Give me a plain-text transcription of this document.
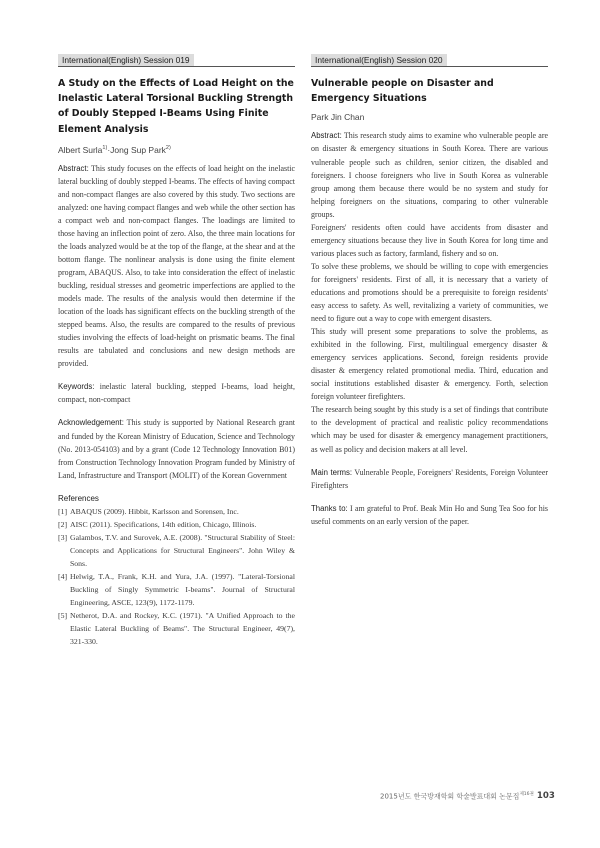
International(English) Session 019
A Study on the Effects of Load Height on the Inelastic Lateral Torsional Buckling Strength of Doubly Stepped I-Beams Using Finite Element Analysis
Albert Surla$^{1)}$·Jong Sup Park$^{2)}$

Abstract: This study focuses on the effects of load height on the inelastic lateral buckling of doubly stepped I-beams. The effects of having compact and non-compact flanges are also covered by this study. Two sections are analyzed: one having compact flanges and web while the other section has a compact web and non-compact flanges. The loadings are limited to those having an inflection point of zero. Also, the three main locations for the loads analyzed would be at the top of the flange, at the shear and at the bottom flange. The nonlinear analysis is done using the finite element program, ABAQUS. Also, to take into consideration the effect of inelastic buckling, residual stresses and geometric imperfections are applied to the models made. The results of the analysis would then determine if the location of the loads has significant effects on the buckling strength of the stepped beams. Also, the results are compared to the results of previous studies involving the effects of load-height on prismatic beams. The final results are tabulated and conclusions and new design methods are provided.

Keywords: inelastic lateral buckling, stepped I-beams, load height, compact, non-compact

Acknowledgement: This study is supported by National Research grant and funded by the Korean Ministry of Education, Science and Technology (No. 2013-054103) and by a grant (Code 12 Technology Innovation B01) from Construction Technology Innovation Program funded by Ministry of Land, Infrastructure and Transport (MOLIT) of the Korean Government

References
[1] ABAQUS (2009). Hibbit, Karlsson and Sorensen, Inc.
[2] AISC (2011). Specifications, 14th edition, Chicago, Illinois.
[3] Galambos, T.V. and Surovek, A.E. (2008). "Structural Stability of Steel: Concepts and Applications for Structural Engineers". John Wiley & Sons.
[4] Helwig, T.A., Frank, K.H. and Yura, J.A. (1997). "Lateral-Torsional Buckling of Singly Symmetric I-beams". Journal of Structural Engineering, ASCE, 123(9), 1172-1179.
[5] Netherot, D.A. and Rockey, K.C. (1971). "A Unified Approach to the Elastic Lateral Buckling of Beams". The Structural Engineer, 49(7), 321-330.
International(English) Session 020
Vulnerable people on Disaster and Emergency Situations
Park Jin Chan

Abstract: This research study aims to examine who vulnerable people are on disaster & emergency situations in South Korea. There are various vulnerable people such as children, senior citizen, the disabled and foreigners. I choose foreigners who live in South Korea as vulnerable group among them because there would be no system and study for helping foreigners on the situations, comparing to other vulnerable groups.

Foreigners' residents often could have accidents from disaster and emergency situations because they live in South Korea for long time and various places such as factory, farmland, fishery and so on.

To solve these problems, we should be willing to cope with emergencies for foreigners' residents. First of all, it is necessary that a variety of educations and promotions should be a prerequisite to foreign residents' easy access to safety. As well, revitalizing a variety of communities, we need to figure out a way to cope with emergent disasters.

This study will present some preparations to solve the problems, as exhibited in the following. First, multilingual emergency disaster & emergency services applications. Second, foreign residents provide disaster & emergency related promotional media. Third, education and social institutions established disaster & emergency. Forth, selection foreign volunteer firefighters.

The research being sought by this study is a set of findings that contribute to the development of practical and realistic policy recommendations which may be used for disaster & emergency management practitioners, as well as policy and decision makers at all level.

Main terms: Vulnerable People, Foreigners' Residents, Foreign Volunteer Firefighters

Thanks to: I am grateful to Prof. Beak Min Ho and Sung Tea Soo for his useful comments on an early version of the paper.

2015년도 한국방재학회 학술발표대회 논문집$^{제16권}$ 103
